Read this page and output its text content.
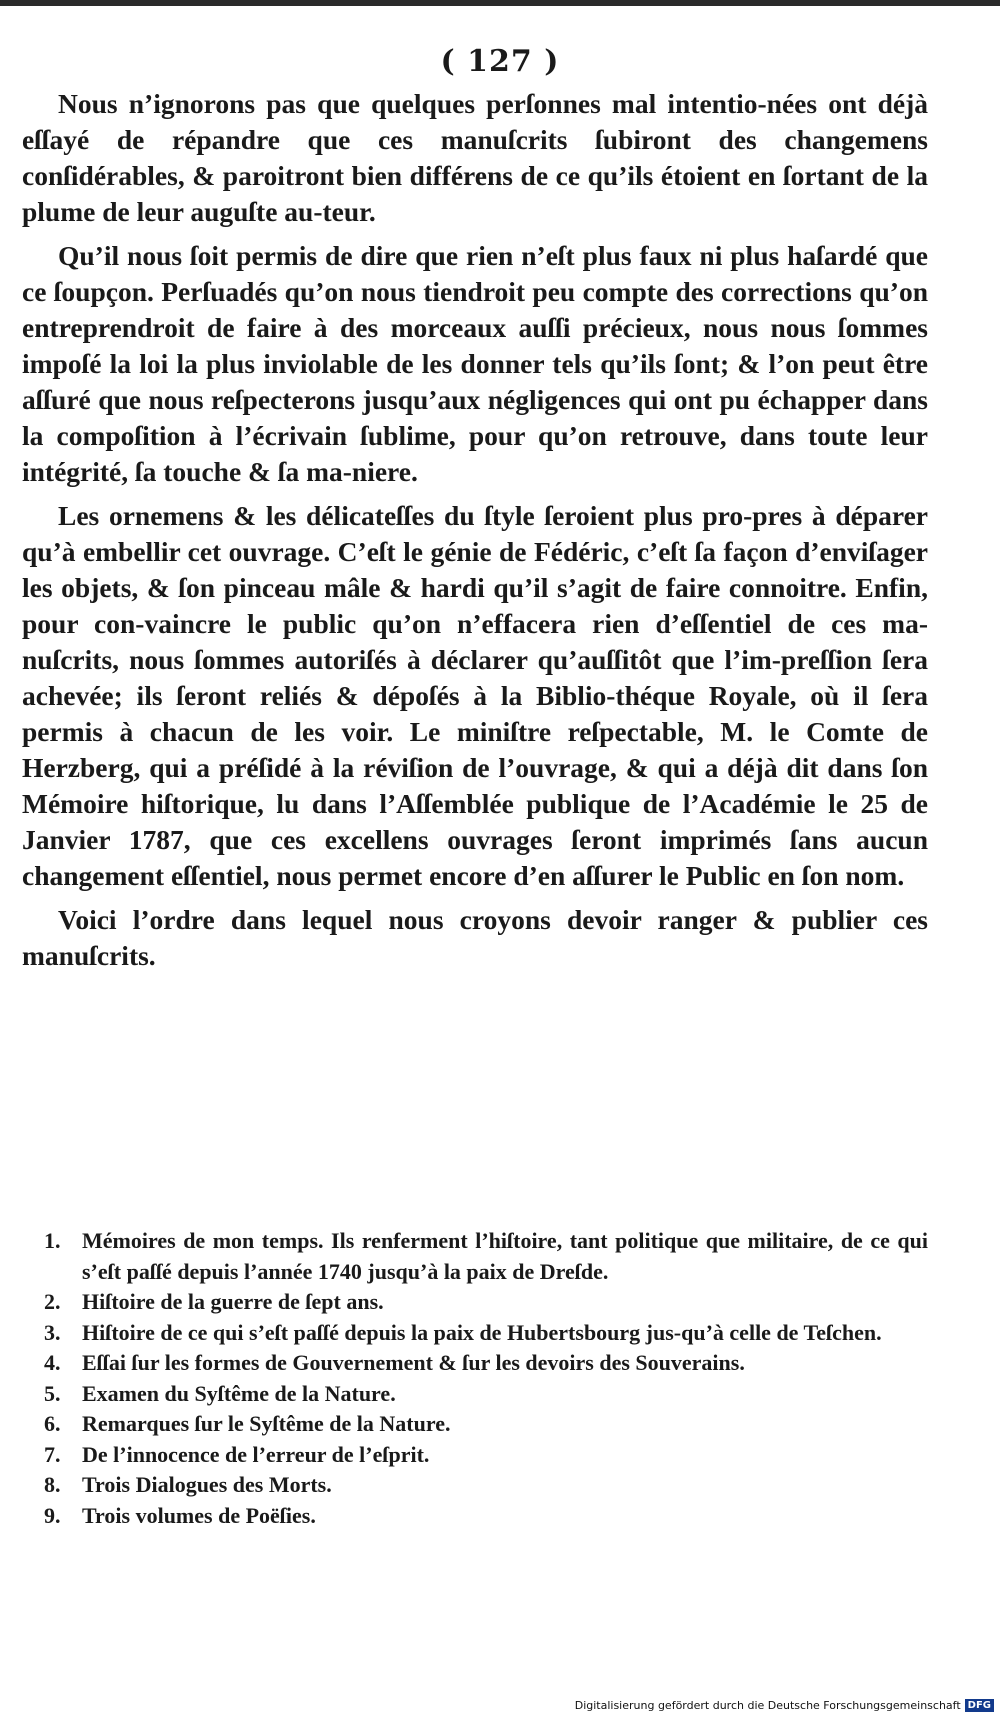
( 127 )

Nous n’ignorons pas que quelques perſonnes mal intentio-nées ont déjà eſſayé de répandre que ces manuſcrits ſubiront des changemens conſidérables, & paroitront bien différens de ce qu’ils étoient en ſortant de la plume de leur auguſte au-teur.

Qu’il nous ſoit permis de dire que rien n’eſt plus faux ni plus haſardé que ce ſoupçon. Perſuadés qu’on nous tiendroit peu compte des corrections qu’on entreprendroit de faire à des morceaux auſſi précieux, nous nous ſommes impoſé la loi la plus inviolable de les donner tels qu’ils ſont; & l’on peut être aſſuré que nous reſpecterons jusqu’aux négligences qui ont pu échapper dans la compoſition à l’écrivain ſublime, pour qu’on retrouve, dans toute leur intégrité, ſa touche & ſa ma-niere.

Les ornemens & les délicateſſes du ſtyle ſeroient plus pro-pres à déparer qu’à embellir cet ouvrage. C’eſt le génie de Fédéric, c’eſt ſa façon d’enviſager les objets, & ſon pinceau mâle & hardi qu’il s’agit de faire connoitre. Enfin, pour con-vaincre le public qu’on n’effacera rien d’eſſentiel de ces ma-nuſcrits, nous ſommes autoriſés à déclarer qu’auſſitôt que l’im-preſſion ſera achevée; ils ſeront reliés & dépoſés à la Biblio-théque Royale, où il ſera permis à chacun de les voir. Le miniſtre reſpectable, M. le Comte de Herzberg, qui a préſidé à la réviſion de l’ouvrage, & qui a déjà dit dans ſon Mémoire hiſtorique, lu dans l’Aſſemblée publique de l’Académie le 25 de Janvier 1787, que ces excellens ouvrages ſeront imprimés ſans aucun changement eſſentiel, nous permet encore d’en aſſurer le Public en ſon nom.

Voici l’ordre dans lequel nous croyons devoir ranger & publier ces manuſcrits.

1. Mémoires de mon temps. Ils renferment l’hiſtoire, tant politique que militaire, de ce qui s’eſt paſſé depuis l’année 1740 jusqu’à la paix de Dreſde.
2. Hiſtoire de la guerre de ſept ans.
3. Hiſtoire de ce qui s’eſt paſſé depuis la paix de Hubertsbourg jus-qu’à celle de Teſchen.
4. Eſſai ſur les formes de Gouvernement & ſur les devoirs des Souverains.
5. Examen du Syſtême de la Nature.
6. Remarques ſur le Syſtême de la Nature.
7. De l’innocence de l’erreur de l’eſprit.
8. Trois Dialogues des Morts.
9. Trois volumes de Poëſies.
Digitalisierung gefördert durch die Deutsche Forschungsgemeinschaft DFG
